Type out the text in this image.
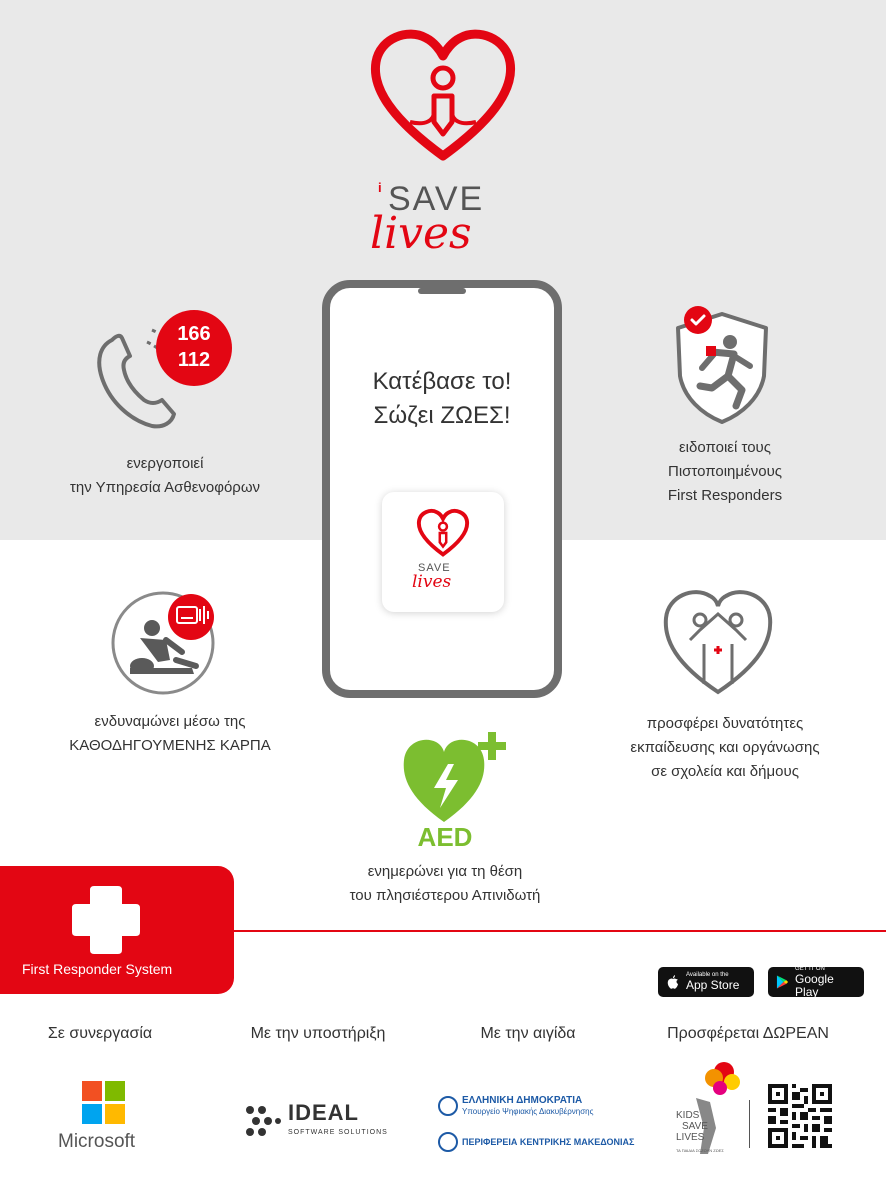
i SAVE
lives
Κατέβασε το!
Σώζει ΖΩΕΣ!
SAVE
lives
166
112
ενεργοποιεί
την Υπηρεσία Ασθενοφόρων
ειδοποιεί τους
Πιστοποιημένους
First Responders
ενδυναμώνει μέσω της
ΚΑΘΟΔΗΓΟΥΜΕΝΗΣ ΚΑΡΠΑ
προσφέρει δυνατότητες
εκπαίδευσης και οργάνωσης
σε σχολεία και δήμους
AED
ενημερώνει για τη θέση
του πλησιέστερου Απινιδωτή
First Responder System	Available on the
App Store
GET IT ON
Google Play
Σε συνεργασία	Με την υποστήριξη	Με την αιγίδα	Προσφέρεται ΔΩΡΕΑΝ
Microsoft
IDEAL
SOFTWARE SOLUTIONS
ΕΛΛΗΝΙΚΗ ΔΗΜΟΚΡΑΤΙΑ
Υπουργείο Ψηφιακής Διακυβέρνησης
ΠΕΡΙΦΕΡΕΙΑ ΚΕΝΤΡΙΚΗΣ ΜΑΚΕΔΟΝΙΑΣ
KIDS
SAVE
LIVES
ΤΑ ΠΑΙΔΙΑ ΣΩΖΟΥΝ ΖΩΕΣ
